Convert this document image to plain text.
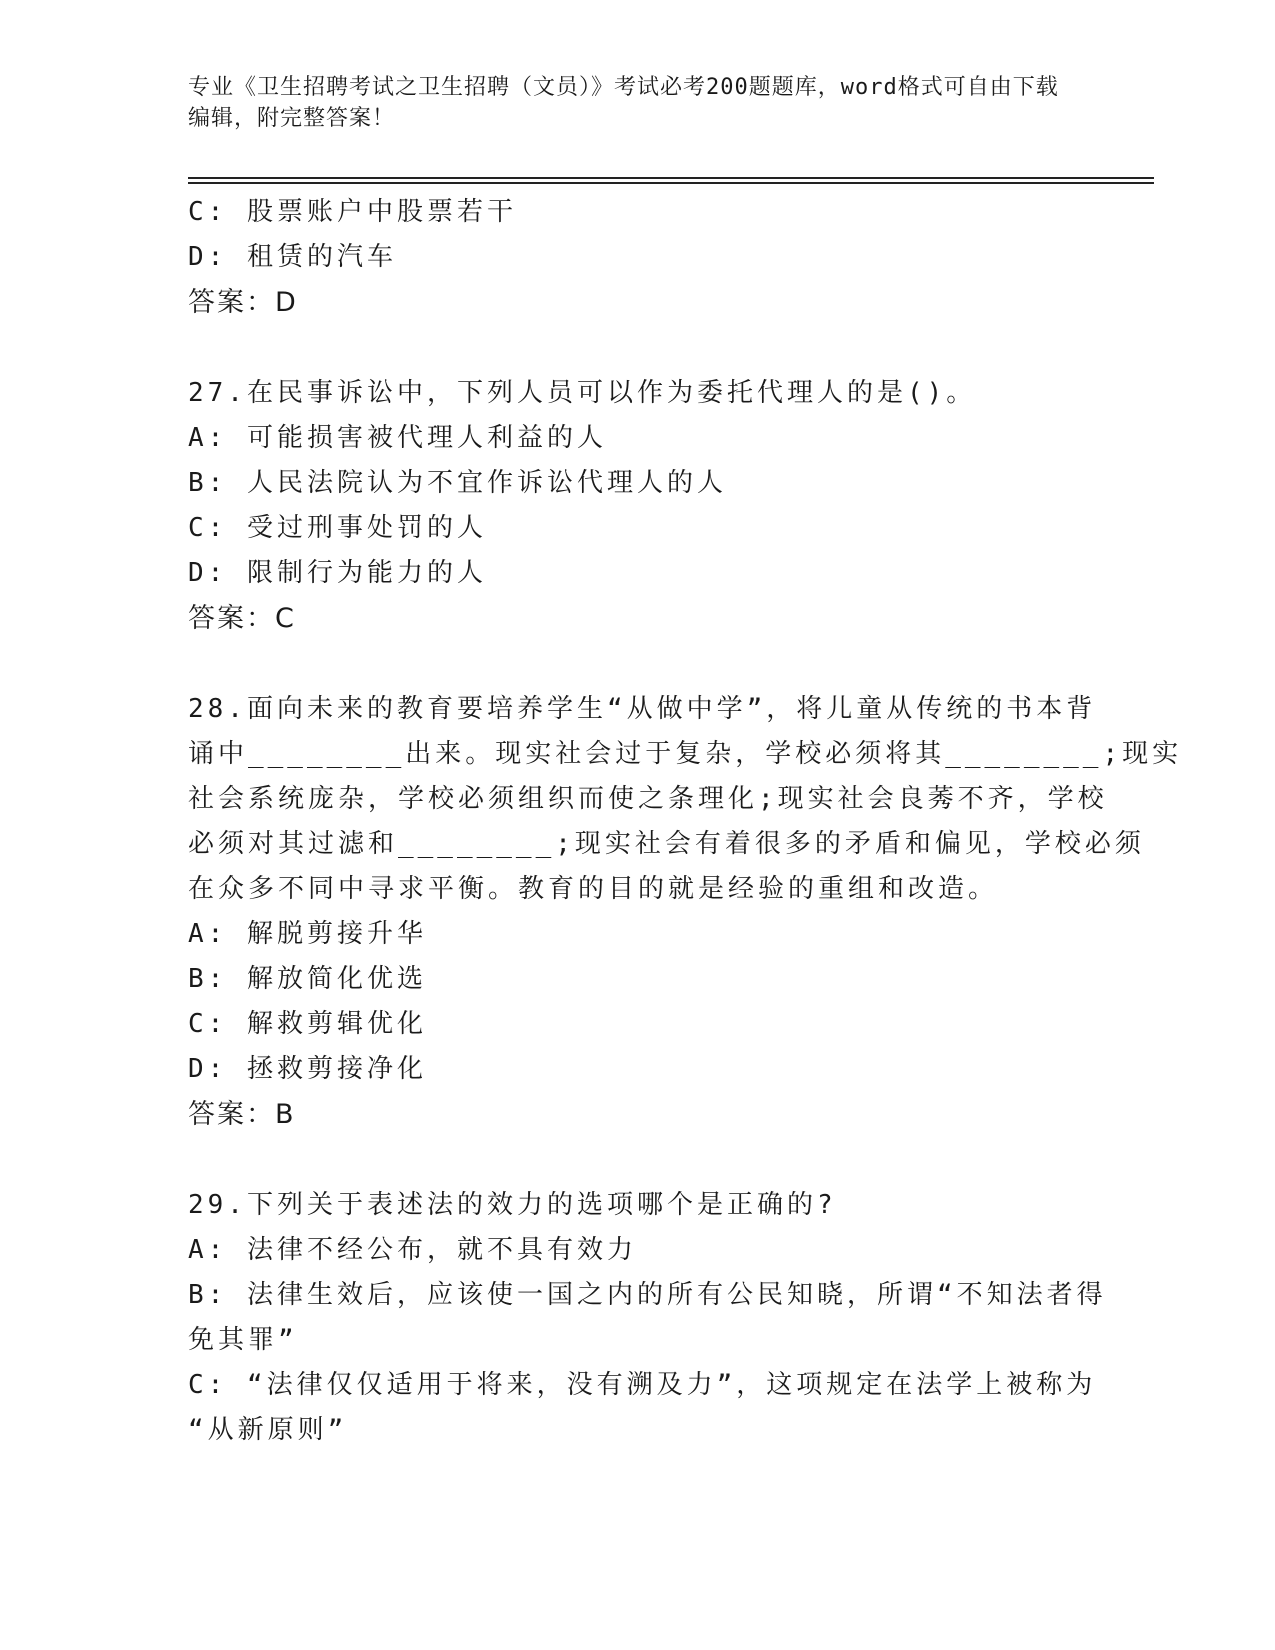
专业《卫生招聘考试之卫生招聘（文员）》考试必考200题题库，word格式可自由下载编辑，附完整答案！
C: 股票账户中股票若干
D: 租赁的汽车
答案：D
27.在民事诉讼中，下列人员可以作为委托代理人的是()。
A: 可能损害被代理人利益的人
B: 人民法院认为不宜作诉讼代理人的人
C: 受过刑事处罚的人
D: 限制行为能力的人
答案：C
28.面向未来的教育要培养学生“从做中学”，将儿童从传统的书本背
诵中________出来。现实社会过于复杂，学校必须将其________;现实
社会系统庞杂，学校必须组织而使之条理化;现实社会良莠不齐，学校
必须对其过滤和________;现实社会有着很多的矛盾和偏见，学校必须
在众多不同中寻求平衡。教育的目的就是经验的重组和改造。
A: 解脱剪接升华
B: 解放简化优选
C: 解救剪辑优化
D: 拯救剪接净化
答案：B
29.下列关于表述法的效力的选项哪个是正确的?
A: 法律不经公布，就不具有效力
B: 法律生效后，应该使一国之内的所有公民知晓，所谓“不知法者得
免其罪”
C: “法律仅仅适用于将来，没有溯及力”，这项规定在法学上被称为
“从新原则”
